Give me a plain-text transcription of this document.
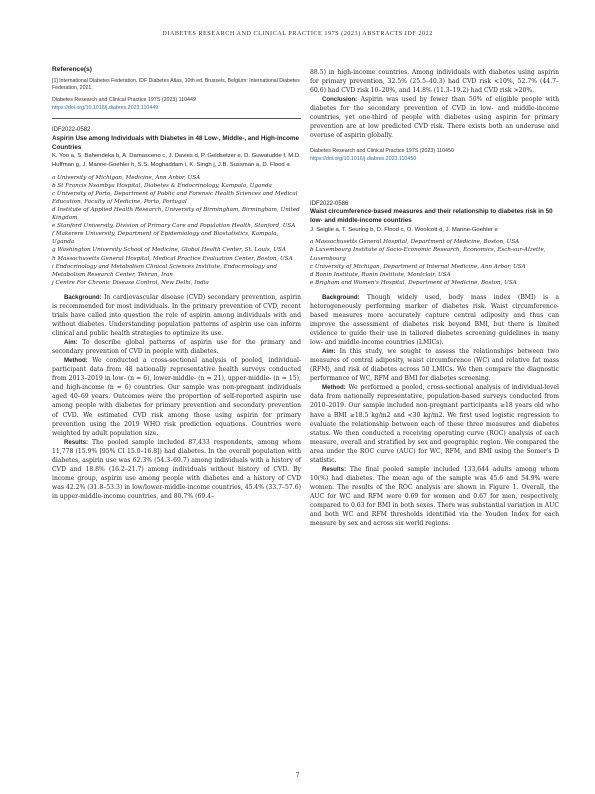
DIABETES RESEARCH AND CLINICAL PRACTICE 197S (2023) ABSTRACTS IDF 2022
Reference(s)
[1] International Diabetes Federation. IDF Diabetes Atlas, 10th ed. Brussels, Belgium: International Diabetes Federation, 2021.
Diabetes Research and Clinical Practice 197S (2023) 110449
https://doi.org/10.1016/j.diabres.2023.110449
IDF2022-0582
Aspirin Use among Individuals with Diabetes in 48 Low-, Middle-, and High-income Countries
K. Yoo a, S. Bahendeka b, A. Damasceno c, J. Davies d, P. Geldsetzer e, D. Guwatudde f, M.D. Huffman g, J. Manne-Goehler h, S.S. Moghaddam i, K. Singh j, J.B. Sussman a, D. Flood a
a University of Michigan, Medicine, Ann Arbor, USA
b St Francis Nsambya Hospital, Diabetes & Endocrinology, Kampala, Uganda
c University of Porto, Department of Public and Forensic Health Sciences and Medical Education, Faculty of Medicine, Porto, Portugal
d Institute of Applied Health Research, University of Birmingham, Birmingham, United Kingdom
e Stanford University, Division of Primary Care and Population Health, Stanford, USA
f Makerere University, Department of Epidemiology and Biostatistics, Kampala, Uganda
g Washington University School of Medicine, Global Health Center, St. Louis, USA
h Massachusetts General Hospital, Medical Practice Evaluation Center, Boston, USA
i Endocrinology and Metabolism Clinical Sciences Institute, Endocrinology and Metabolism Research Center, Tehran, Iran
j Centre For Chronic Disease Control, New Delhi, India

Background: In cardiovascular disease (CVD) secondary prevention, aspirin is recommended for most individuals. In the primary prevention of CVD, recent trials have called into question the role of aspirin among individuals with and without diabetes. Understanding population patterns of aspirin use can inform clinical and public health strategies to optimize its use.

Aim: To describe global patterns of aspirin use for the primary and secondary prevention of CVD in people with diabetes.

Method: We conducted a cross-sectional analysis of pooled, individual-participant data from 48 nationally representative health surveys conducted from 2013–2019 in low- (n = 6), lower-middle- (n = 21), upper-middle- (n = 15), and high-income (n = 6) countries. Our sample was non-pregnant individuals aged 40–69 years. Outcomes were the proportion of self-reported aspirin use among people with diabetes for primary prevention and secondary prevention of CVD. We estimated CVD risk among those using aspirin for primary prevention using the 2019 WHO risk prediction equations. Countries were weighted by adult population size.

Results: The pooled sample included 87,433 respondents, among whom 11,778 (15.9% [95% CI 15.0–16.8]) had diabetes. In the overall population with diabetes, aspirin use was 62.3% (54.3–69.7) among individuals with a history of CVD and 18.8% (16.2–21.7) among individuals without history of CVD. By income group, aspirin use among people with diabetes and a history of CVD was 42.2% (31.8–53.3) in low/lower-middle-income countries, 45.4% (33.7–57.6) in upper-middle-income countries, and 80.7% (69.4–

88.5) in high-income countries. Among individuals with diabetes using aspirin for primary prevention, 32.5% (25.5–40.3) had CVD risk <10%, 52.7% (44.7–60.6) had CVD risk 10–20%, and 14.8% (11.3–19.2) had CVD risk >20%.

Conclusion: Aspirin was used by fewer than 50% of eligible people with diabetes for the secondary prevention of CVD in low- and middle-income countries, yet one-third of people with diabetes using aspirin for primary prevention are at low predicted CVD risk. There exists both an underuse and overuse of aspirin globally.

Diabetes Research and Clinical Practice 197S (2023) 110450
https://doi.org/10.1016/j.diabres.2023.110450
IDF2022-0586
Waist circumference-based measures and their relationship to diabetes risk in 50 low- and middle-income countries
J. Seiglie a, T. Seuring b, D. Flood c, O. Woolcott d, J. Manne-Goehler e
a Massachusetts General Hospital, Department of Medicine, Boston, USA
b Luxembourg Institute of Socio-Economic Research, Economics, Esch-sur-Alzette, Luxembourg
c University of Michigan, Department of Internal Medicine, Ann Arbor, USA
d Ronin Institute, Ronin Institute, Montclair, USA
e Brigham and Women's Hospital, Department of Medicine, Boston, USA

Background: Though widely used, body mass index (BMI) is a heterogeneously performing marker of diabetes risk. Waist circumference-based measures more accurately capture central adiposity and thus can improve the assessment of diabetes risk beyond BMI, but there is limited evidence to guide their use in tailored diabetes screening guidelines in many low- and middle-income countries (LMICs).

Aim: In this study, we sought to assess the relationships between two measures of central adiposity, waist circumference (WC) and relative fat mass (RFM), and risk of diabetes across 50 LMICs. We then compare the diagnostic performance of WC, RFM and BMI for diabetes screening.

Method: We performed a pooled, cross-sectional analysis of individual-level data from nationally representative, population-based surveys conducted from 2010–2019. Our sample included non-pregnant participants ≥18 years old who have a BMI ≥18.5 kg/m2 and <30 kg/m2. We first used logistic regression to evaluate the relationship between each of these three measures and diabetes status. We then conducted a receiving operating curve (ROC) analysis of each measure, overall and stratified by sex and geographic region. We compared the area under the ROC curve (AUC) for WC, RFM, and BMI using the Somer's D statistic.

Results: The final pooled sample included 133,644 adults among whom 10(%) had diabetes. The mean age of the sample was 45.6 and 54.9% were women. The results of the ROC analysis are shown in Figure 1. Overall, the AUC for WC and RFM were 0.69 for women and 0.67 for men, respectively, compared to 0.63 for BMI in both sexes. There was substantial variation in AUC and both WC and RFM thresholds identified via the Youden Index for each measure by sex and across six world regions.

7
